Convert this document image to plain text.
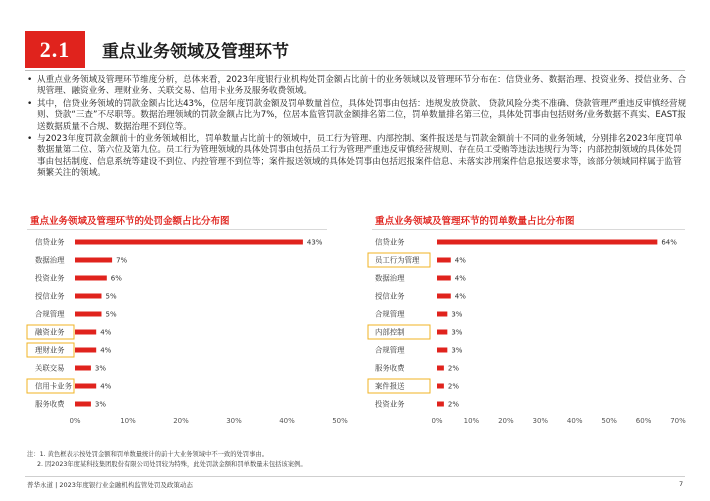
2.1	重点业务领域及管理环节
• 从重点业务领域及管理环节维度分析，总体来看，2023年度银行业机构处罚金额占比前十的业务领域以及管理环节分布在：信贷业务、数据治理、投资业务、授信业务、合规管理、融资业务、理财业务、关联交易、信用卡业务及服务收费领域。
• 其中，信贷业务领域的罚款金额占比达43%，位居年度罚款金额及罚单数量首位，具体处罚事由包括：违规发放贷款、 贷款风险分类不准确、贷款管理严重违反审慎经营规则、贷款“三查”不尽职等。数据治理领域的罚款金额占比为7%，位居本监管罚款金额排名第二位，罚单数量排名第三位，具体处罚事由包括财务/业务数据不真实、EAST报送数据质量不合规、数据治理不到位等。
• 与2023年度罚款金额前十的业务领域相比，罚单数量占比前十的领域中，员工行为管理、内部控制、案件报送是与罚款金额前十不同的业务领域，分别排名2023年度罚单数据量第二位、第六位及第九位。员工行为管理领域的具体处罚事由包括员工行为管理严重违反审慎经营规则、存在员工受贿等违法违规行为等；内部控制领域的具体处罚事由包括制度、信息系统等建设不到位、内控管理不到位等；案件报送领域的具体处罚事由包括迟报案件信息、未落实涉刑案件信息报送要求等，该部分领域同样属于监管频繁关注的领域。
重点业务领域及管理环节的处罚金额占比分布图	重点业务领域及管理环节的罚单数量占比分布图
0%	10%	20%	30%	40%	50%
信贷业务	43%
数据治理	7%
投资业务	6%
授信业务	5%
合规管理	5%
融资业务	4%
理财业务	4%
关联交易	3%
信用卡业务	4%
服务收费	3%
0%	10%	20%	30%	40%	50%	60%	70%
信贷业务	64%
员工行为管理	4%
数据治理	4%
授信业务	4%
合规管理	3%
内部控制	3%
合规管理	3%
服务收费	2%
案件报送	2%
投资业务	2%
注：1. 黄色框表示按处罚金额和罚单数量统计的前十大业务领域中不一致的处罚事由。
2. 因2023年度某科技集团股份有限公司处罚较为特殊，此处罚款金额和罚单数量未包括该案例。
普华永道 | 2023年度银行业金融机构监管处罚及政策动态	7
